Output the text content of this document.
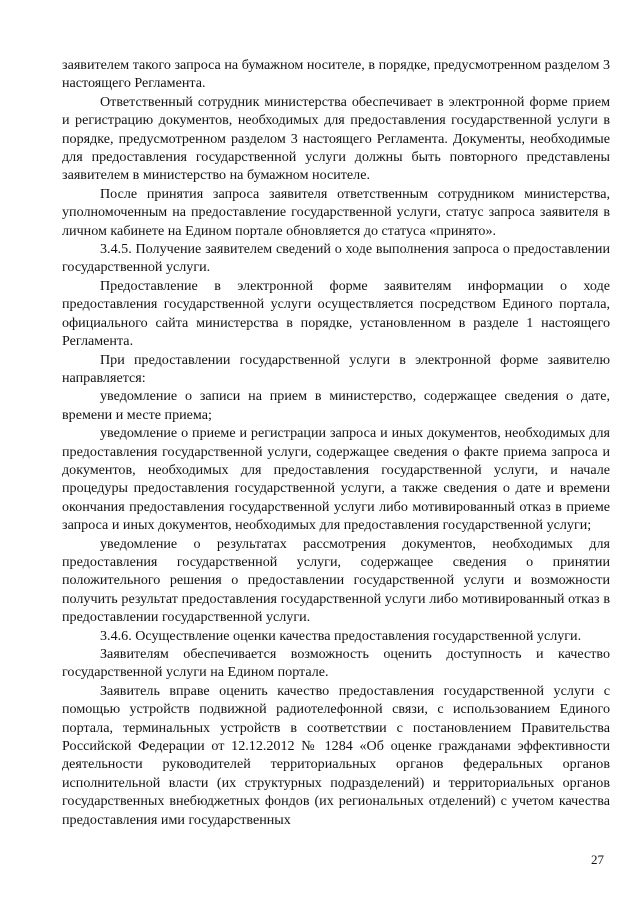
заявителем такого запроса на бумажном носителе, в порядке, предусмотренном разделом 3 настоящего Регламента.

Ответственный сотрудник министерства обеспечивает в электронной форме прием и регистрацию документов, необходимых для предоставления государственной услуги в порядке, предусмотренном разделом 3 настоящего Регламента. Документы, необходимые для предоставления государственной услуги должны быть повторного представлены заявителем в министерство на бумажном носителе.

После принятия запроса заявителя ответственным сотрудником министерства, уполномоченным на предоставление государственной услуги, статус запроса заявителя в личном кабинете на Едином портале обновляется до статуса «принято».

3.4.5. Получение заявителем сведений о ходе выполнения запроса о предоставлении государственной услуги.

Предоставление в электронной форме заявителям информации о ходе предоставления государственной услуги осуществляется посредством Единого портала, официального сайта министерства в порядке, установленном в разделе 1 настоящего Регламента.

При предоставлении государственной услуги в электронной форме заявителю направляется:

уведомление о записи на прием в министерство, содержащее сведения о дате, времени и месте приема;

уведомление о приеме и регистрации запроса и иных документов, необходимых для предоставления государственной услуги, содержащее сведения о факте приема запроса и документов, необходимых для предоставления государственной услуги, и начале процедуры предоставления государственной услуги, а также сведения о дате и времени окончания предоставления государственной услуги либо мотивированный отказ в приеме запроса и иных документов, необходимых для предоставления государственной услуги;

уведомление о результатах рассмотрения документов, необходимых для предоставления государственной услуги, содержащее сведения о принятии положительного решения о предоставлении государственной услуги и возможности получить результат предоставления государственной услуги либо мотивированный отказ в предоставлении государственной услуги.

3.4.6. Осуществление оценки качества предоставления государственной услуги.

Заявителям обеспечивается возможность оценить доступность и качество государственной услуги на Едином портале.

Заявитель вправе оценить качество предоставления государственной услуги с помощью устройств подвижной радиотелефонной связи, с использованием Единого портала, терминальных устройств в соответствии с постановлением Правительства Российской Федерации от 12.12.2012 № 1284 «Об оценке гражданами эффективности деятельности руководителей территориальных органов федеральных органов исполнительной власти (их структурных подразделений) и территориальных органов государственных внебюджетных фондов (их региональных отделений) с учетом качества предоставления ими государственных

27
